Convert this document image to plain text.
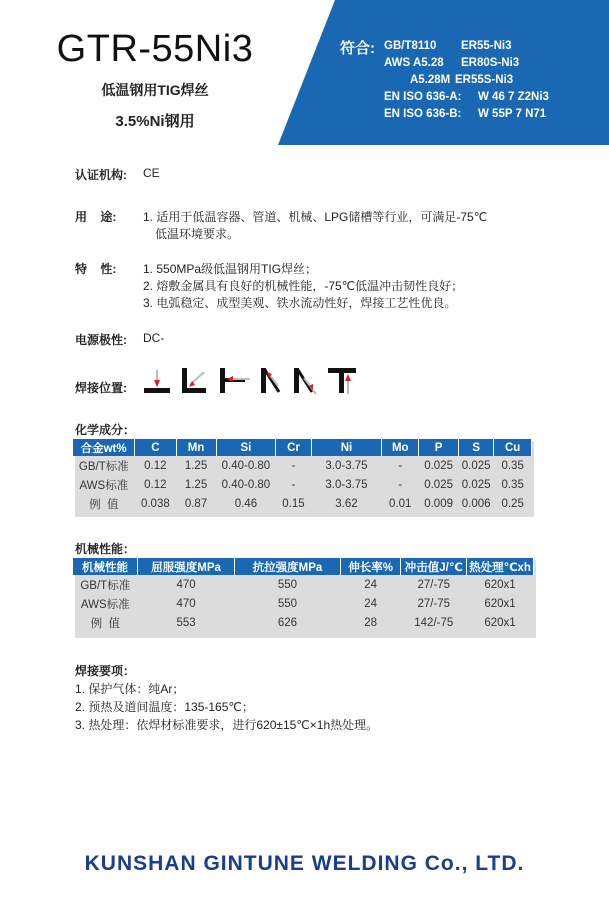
GTR-55Ni3
低温钢用TIG焊丝
3.5%Ni钢用
符合: GB/T8110 ER55-Ni3
AWS A5.28 ER80S-Ni3
A5.28M ER55S-Ni3
EN ISO 636-A: W 46 7 Z2Ni3
EN ISO 636-B: W 55P 7 N71
认证机构: CE
用    途: 1. 适用于低温容器、管道、机械、LPG储槽等行业，可满足-75℃
低温环境要求。
特    性: 1. 550MPa级低温钢用TIG焊丝；
2. 熔敷金属具有良好的机械性能，-75℃低温冲击韧性良好；
3. 电弧稳定、成型美观、铁水流动性好，焊接工艺性优良。
电源极性: DC-
焊接位置:
化学成分：
合金wt%	C	Mn	Si	Cr	Ni	Mo	P	S	Cu
GB/T标准	0.12	1.25	0.40-0.80	-	3.0-3.75	-	0.025	0.025	0.35
AWS标准	0.12	1.25	0.40-0.80	-	3.0-3.75	-	0.025	0.025	0.35
例  值	0.038	0.87	0.46	0.15	3.62	0.01	0.009	0.006	0.25
机械性能：
机械性能	屈服强度MPa	抗拉强度MPa	伸长率%	冲击值J/℃	热处理℃xh
GB/T标准	470	550	24	27/-75	620x1
AWS标准	470	550	24	27/-75	620x1
例  值	553	626	28	142/-75	620x1
焊接要项：
1. 保护气体：纯Ar；
2. 预热及道间温度：135-165℃；
3. 热处理：依焊材标准要求，进行620±15℃×1h热处理。
KUNSHAN GINTUNE WELDING Co., LTD.
